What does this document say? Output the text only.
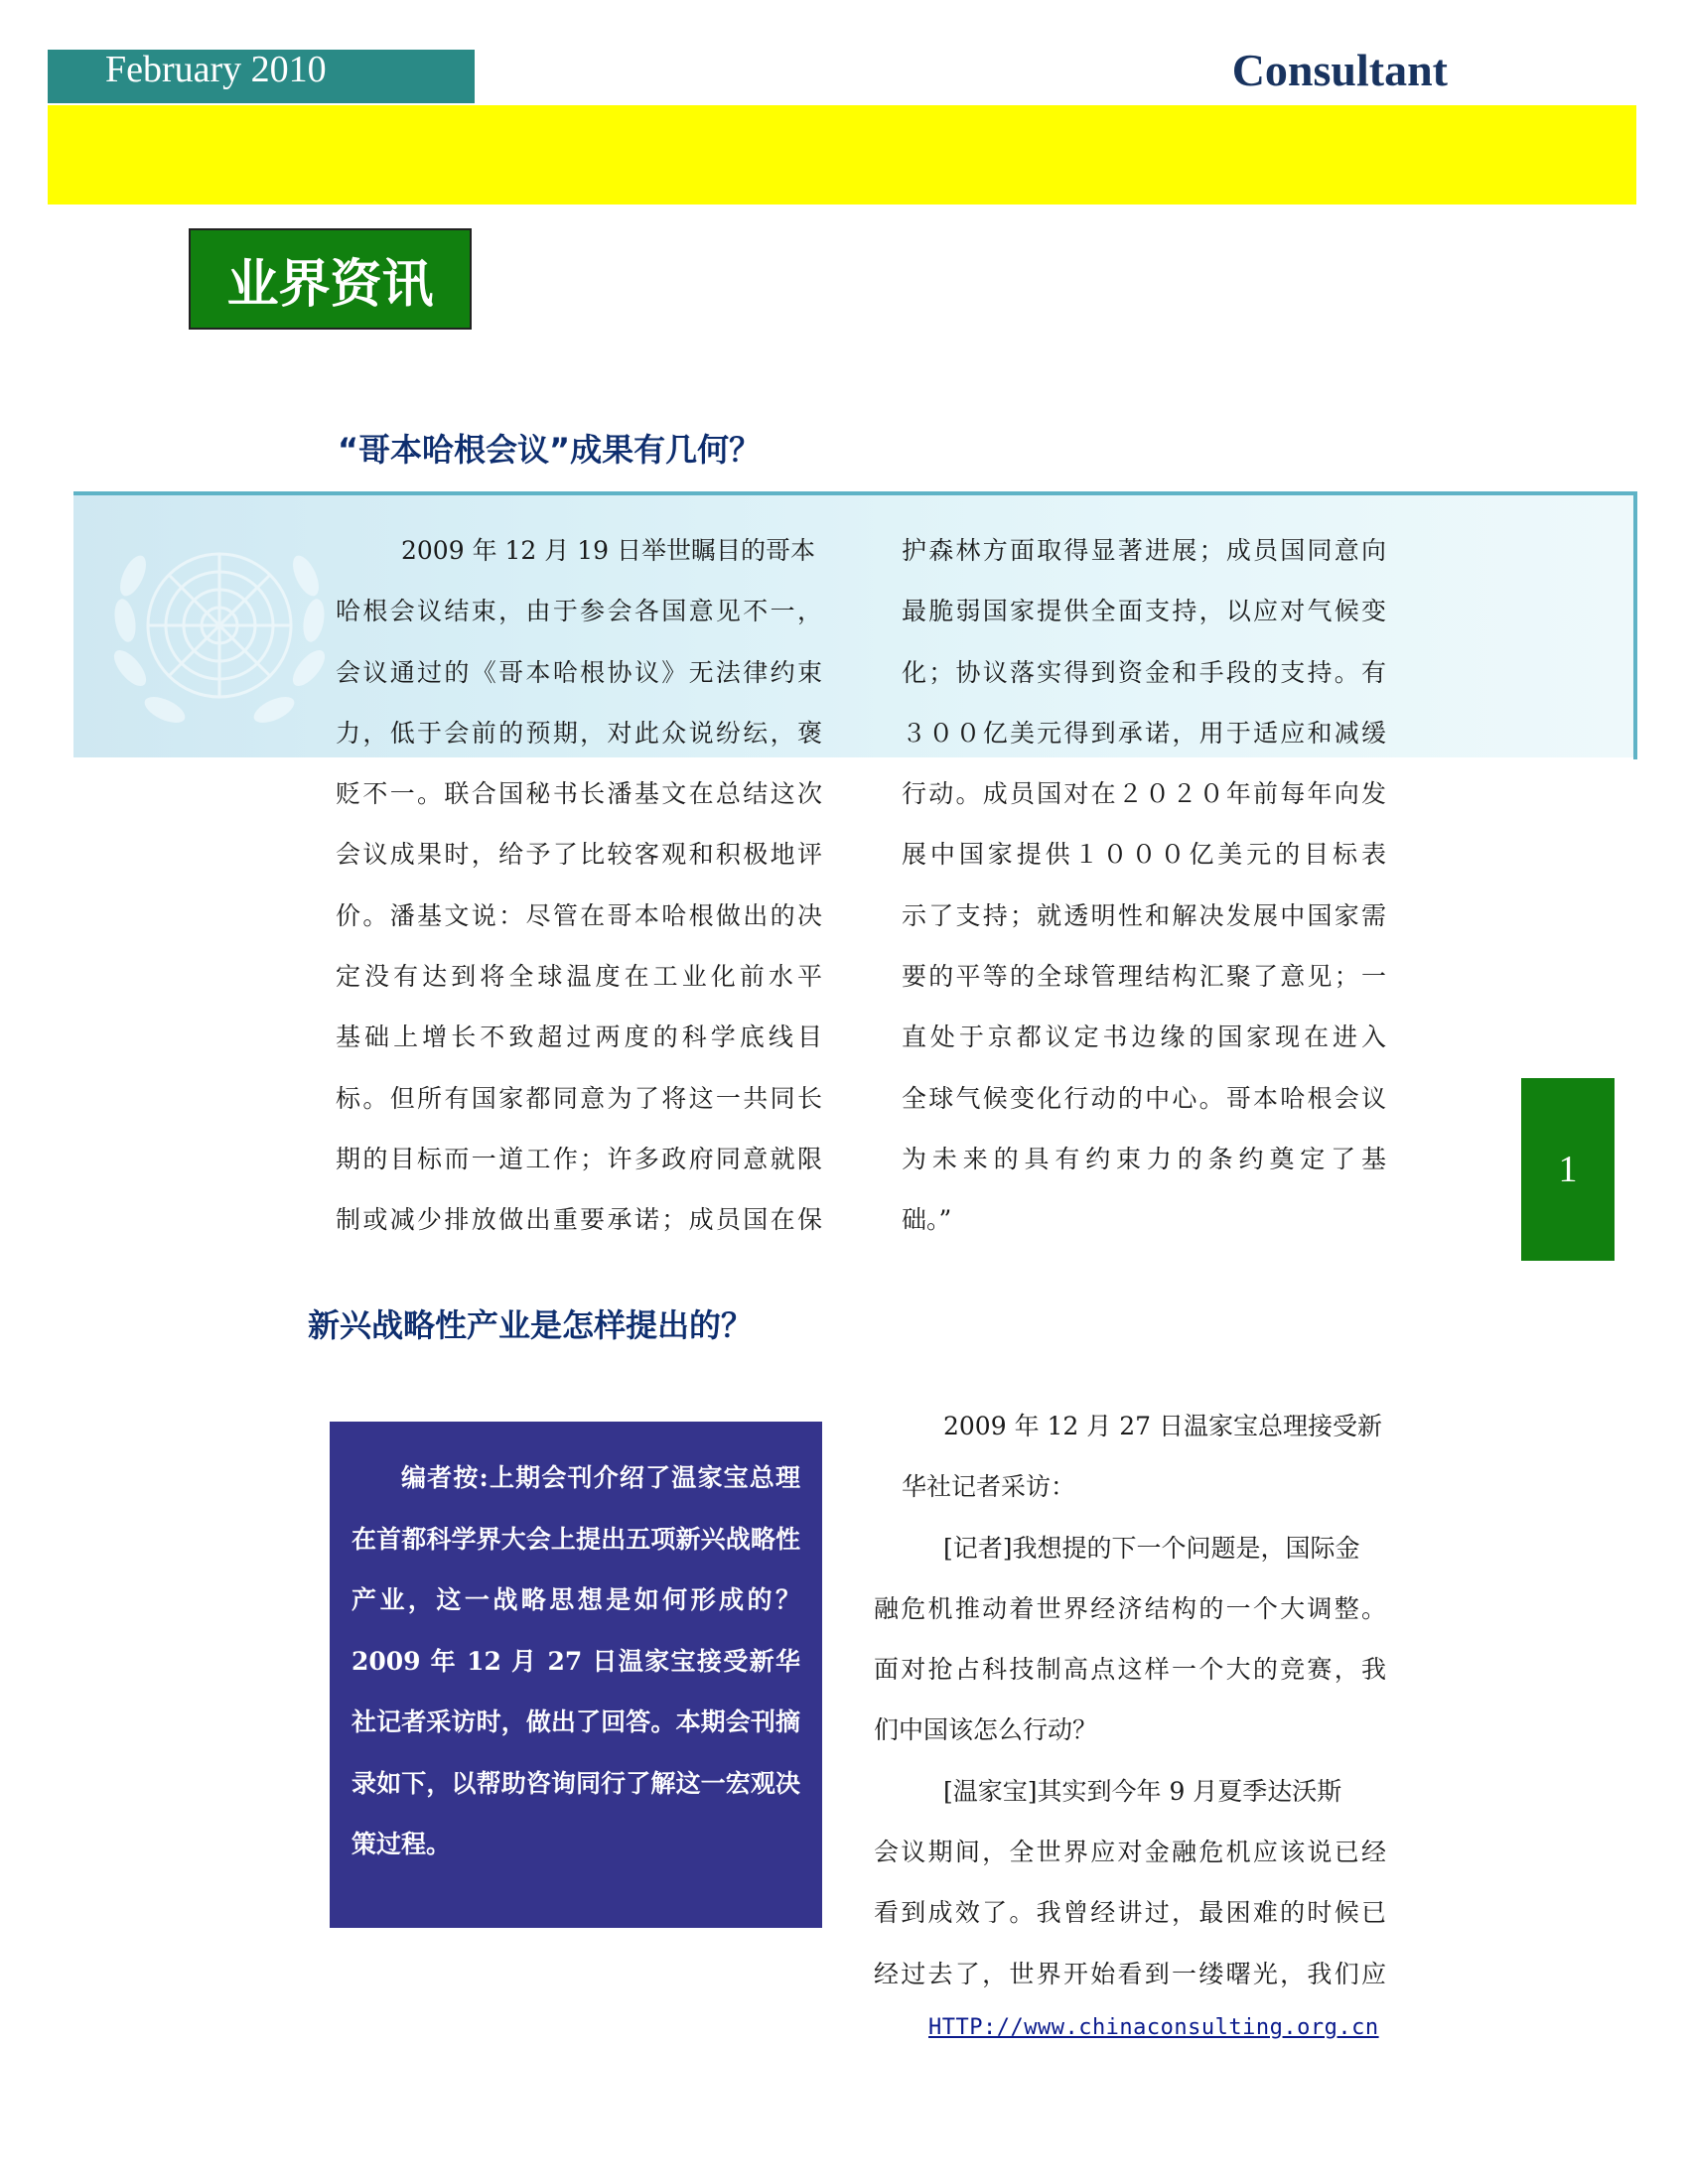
February 2010	Consultant
业界资讯
“哥本哈根会议”成果有几何？
2009 年 12 月 19 日举世瞩目的哥本
哈根会议结束，由于参会各国意见不一，
会议通过的《哥本哈根协议》无法律约束
力，低于会前的预期，对此众说纷纭，褒
贬不一。联合国秘书长潘基文在总结这次
会议成果时，给予了比较客观和积极地评
价。潘基文说：尽管在哥本哈根做出的决
定没有达到将全球温度在工业化前水平
基础上增长不致超过两度的科学底线目
标。但所有国家都同意为了将这一共同长
期的目标而一道工作；许多政府同意就限
制或减少排放做出重要承诺；成员国在保
护森林方面取得显著进展；成员国同意向
最脆弱国家提供全面支持，以应对气候变
化；协议落实得到资金和手段的支持。有
３００亿美元得到承诺，用于适应和减缓
行动。成员国对在２０２０年前每年向发
展中国家提供１０００亿美元的目标表
示了支持；就透明性和解决发展中国家需
要的平等的全球管理结构汇聚了意见；一
直处于京都议定书边缘的国家现在进入
全球气候变化行动的中心。哥本哈根会议
为未来的具有约束力的条约奠定了基
础。”
1
新兴战略性产业是怎样提出的？

编者按:上期会刊介绍了温家宝总理在首都科学界大会上提出五项新兴战略性产业，这一战略思想是如何形成的？2009 年 12 月 27 日温家宝接受新华社记者采访时，做出了回答。本期会刊摘录如下，以帮助咨询同行了解这一宏观决策过程。

2009 年 12 月 27 日温家宝总理接受新
华社记者采访：
[记者]我想提的下一个问题是，国际金
融危机推动着世界经济结构的一个大调整。
面对抢占科技制高点这样一个大的竞赛，我
们中国该怎么行动？
[温家宝]其实到今年 9 月夏季达沃斯
会议期间，全世界应对金融危机应该说已经
看到成效了。我曾经讲过，最困难的时候已
经过去了，世界开始看到一缕曙光，我们应
HTTP://www.chinaconsulting.org.cn
